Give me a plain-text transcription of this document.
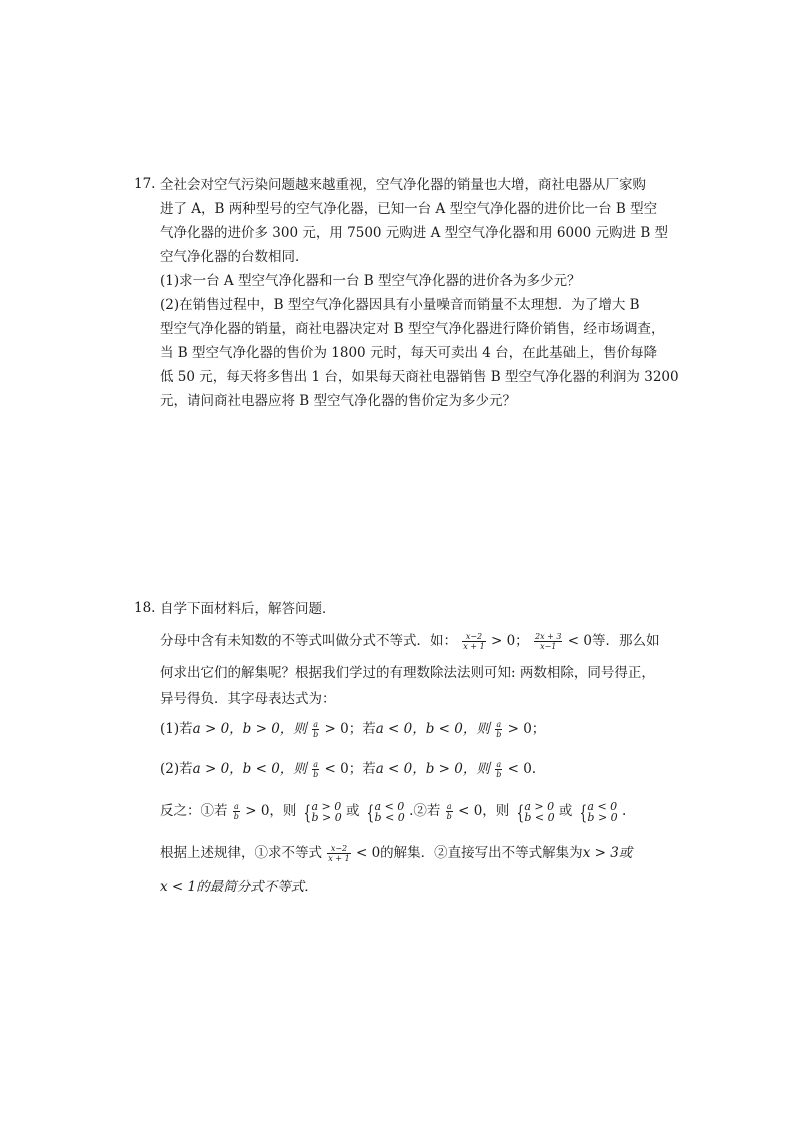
17. 全社会对空气污染问题越来越重视，空气净化器的销量也大增，商社电器从厂家购
进了 A，B 两种型号的空气净化器，已知一台 A 型空气净化器的进价比一台 B 型空
气净化器的进价多 300 元，用 7500 元购进 A 型空气净化器和用 6000 元购进 B 型
空气净化器的台数相同．
(1)求一台 A 型空气净化器和一台 B 型空气净化器的进价各为多少元？
(2)在销售过程中，B 型空气净化器因具有小量噪音而销量不太理想．为了增大 B
型空气净化器的销量，商社电器决定对 B 型空气净化器进行降价销售，经市场调查，
当 B 型空气净化器的售价为 1800 元时，每天可卖出 4 台，在此基础上，售价每降
低 50 元，每天将多售出 1 台，如果每天商社电器销售 B 型空气净化器的利润为 3200
元，请问商社电器应将 B 型空气净化器的售价定为多少元？
18. 自学下面材料后，解答问题．
分母中含有未知数的不等式叫做分式不等式．如： $\frac{x-2}{x + 1} > 0$； $\frac{2x + 3}{x-1} < 0$等．那么如
何求出它们的解集呢？根据我们学过的有理数除法法则可知: 两数相除，同号得正，
异号得负．其字母表达式为：
(1)若a > 0，b > 0，则 $\frac{a}{b} > 0$；若a < 0，b < 0，则 $\frac{a}{b} > 0$；
(2)若a > 0，b < 0，则 $\frac{a}{b} < 0$；若a < 0，b > 0，则 $\frac{a}{b} < 0$.
反之：①若 $\frac{a}{b} > 0$，则 { a > 0
b > 0 或 { a < 0
b < 0 .②若 $\frac{a}{b} < 0$，则 { a > 0
b < 0 或 { a < 0
b > 0 .
根据上述规律，①求不等式 $\frac{x-2}{x + 1} < 0$的解集．②直接写出不等式解集为x > 3或
x < 1的最简分式不等式．
